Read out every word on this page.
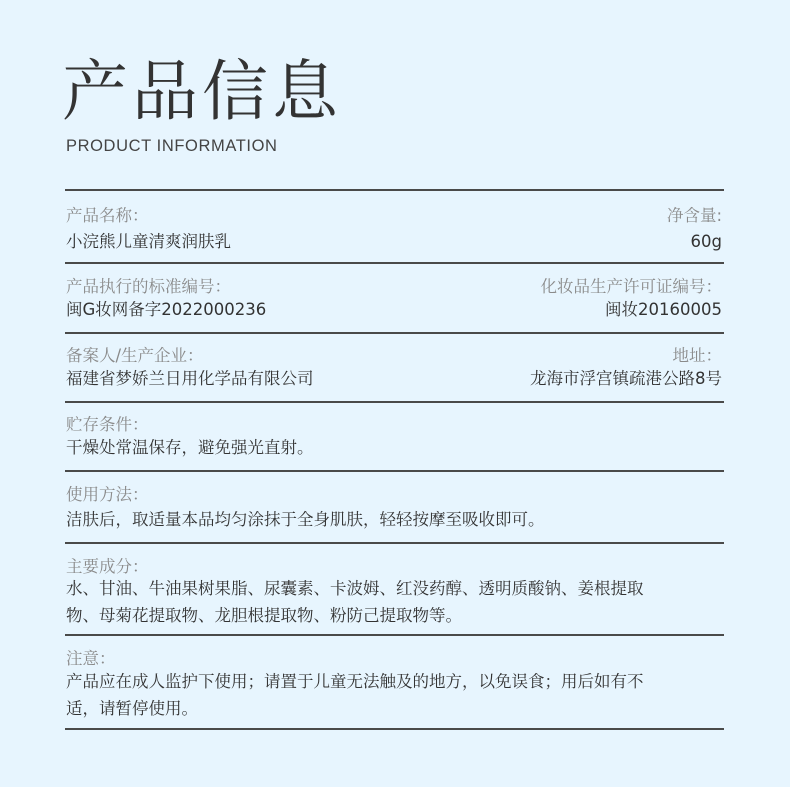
产品信息
PRODUCT INFORMATION
产品名称：	净含量:
小浣熊儿童清爽润肤乳	60g
产品执行的标准编号：	化妆品生产许可证编号：
闽G妆网备字2022000236	闽妆20160005
备案人/生产企业：	地址：
福建省梦娇兰日用化学品有限公司	龙海市浮宫镇疏港公路8号
贮存条件：
干燥处常温保存，避免强光直射。
使用方法：
洁肤后，取适量本品均匀涂抹于全身肌肤，轻轻按摩至吸收即可。
主要成分：
水、甘油、牛油果树果脂、尿囊素、卡波姆、红没药醇、透明质酸钠、姜根提取
物、母菊花提取物、龙胆根提取物、粉防己提取物等。
注意：
产品应在成人监护下使用；请置于儿童无法触及的地方，以免误食；用后如有不
适，请暂停使用。
